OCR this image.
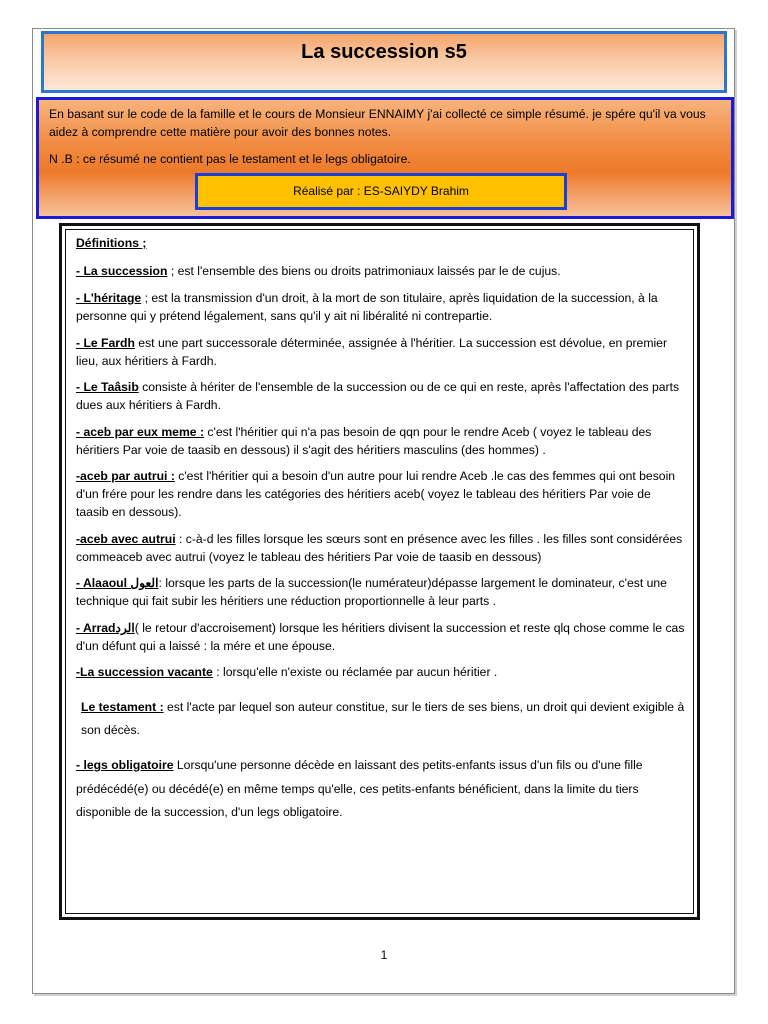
La succession s5
En basant sur le code de la famille et le cours de Monsieur ENNAIMY j'ai collecté ce simple résumé. je spére qu'il va vous aidez à comprendre cette matière pour avoir des bonnes notes.
N .B : ce résumé ne contient pas le testament et le legs obligatoire.
Réalisé par : ES-SAIYDY Brahim
Définitions ;
- La succession ; est l'ensemble des biens ou droits patrimoniaux laissés par le de cujus.
- L'héritage ; est la transmission d'un droit, à la mort de son titulaire, après liquidation de la succession, à la personne qui y prétend légalement, sans qu'il y ait ni libéralité ni contrepartie.
- Le Fardh est une part successorale déterminée, assignée à l'héritier. La succession est dévolue, en premier lieu, aux héritiers à Fardh.
- Le Taâsib consiste à hériter de l'ensemble de la succession ou de ce qui en reste, après l'affectation des parts dues aux héritiers à Fardh.
- aceb par eux meme : c'est l'héritier qui n'a pas besoin de qqn pour le rendre Aceb ( voyez le tableau des héritiers Par voie de taasib en dessous) il s'agit des héritiers masculins (des hommes) .
-aceb par autrui : c'est l'héritier qui a besoin d'un autre pour lui rendre Aceb .le cas des femmes qui ont besoin d'un frére pour les rendre dans les catégories des héritiers aceb( voyez le tableau des héritiers Par voie de taasib en dessous).
-aceb avec autrui : c-à-d les filles lorsque les sœurs sont en présence avec les filles . les filles sont considérées commeaceb avec autrui (voyez le tableau des héritiers Par voie de taasib en dessous)
- Alaaoul العول: lorsque les parts de la succession(le numérateur)dépasse largement le dominateur, c'est une technique qui fait subir les héritiers une réduction proportionnelle à leur parts .
- Arradالرد( le retour d'accroisement) lorsque les héritiers divisent la succession et reste qlq chose comme le cas d'un défunt qui a laissé : la mére et une épouse.
-La succession vacante : lorsqu'elle n'existe ou réclamée par aucun héritier .
Le testament : est l'acte par lequel son auteur constitue, sur le tiers de ses biens, un droit qui devient exigible à son décès.
- legs obligatoire Lorsqu'une personne décède en laissant des petits-enfants issus d'un fils ou d'une fille prédécédé(e) ou décédé(e) en même temps qu'elle, ces petits-enfants bénéficient, dans la limite du tiers disponible de la succession, d'un legs obligatoire.
1
